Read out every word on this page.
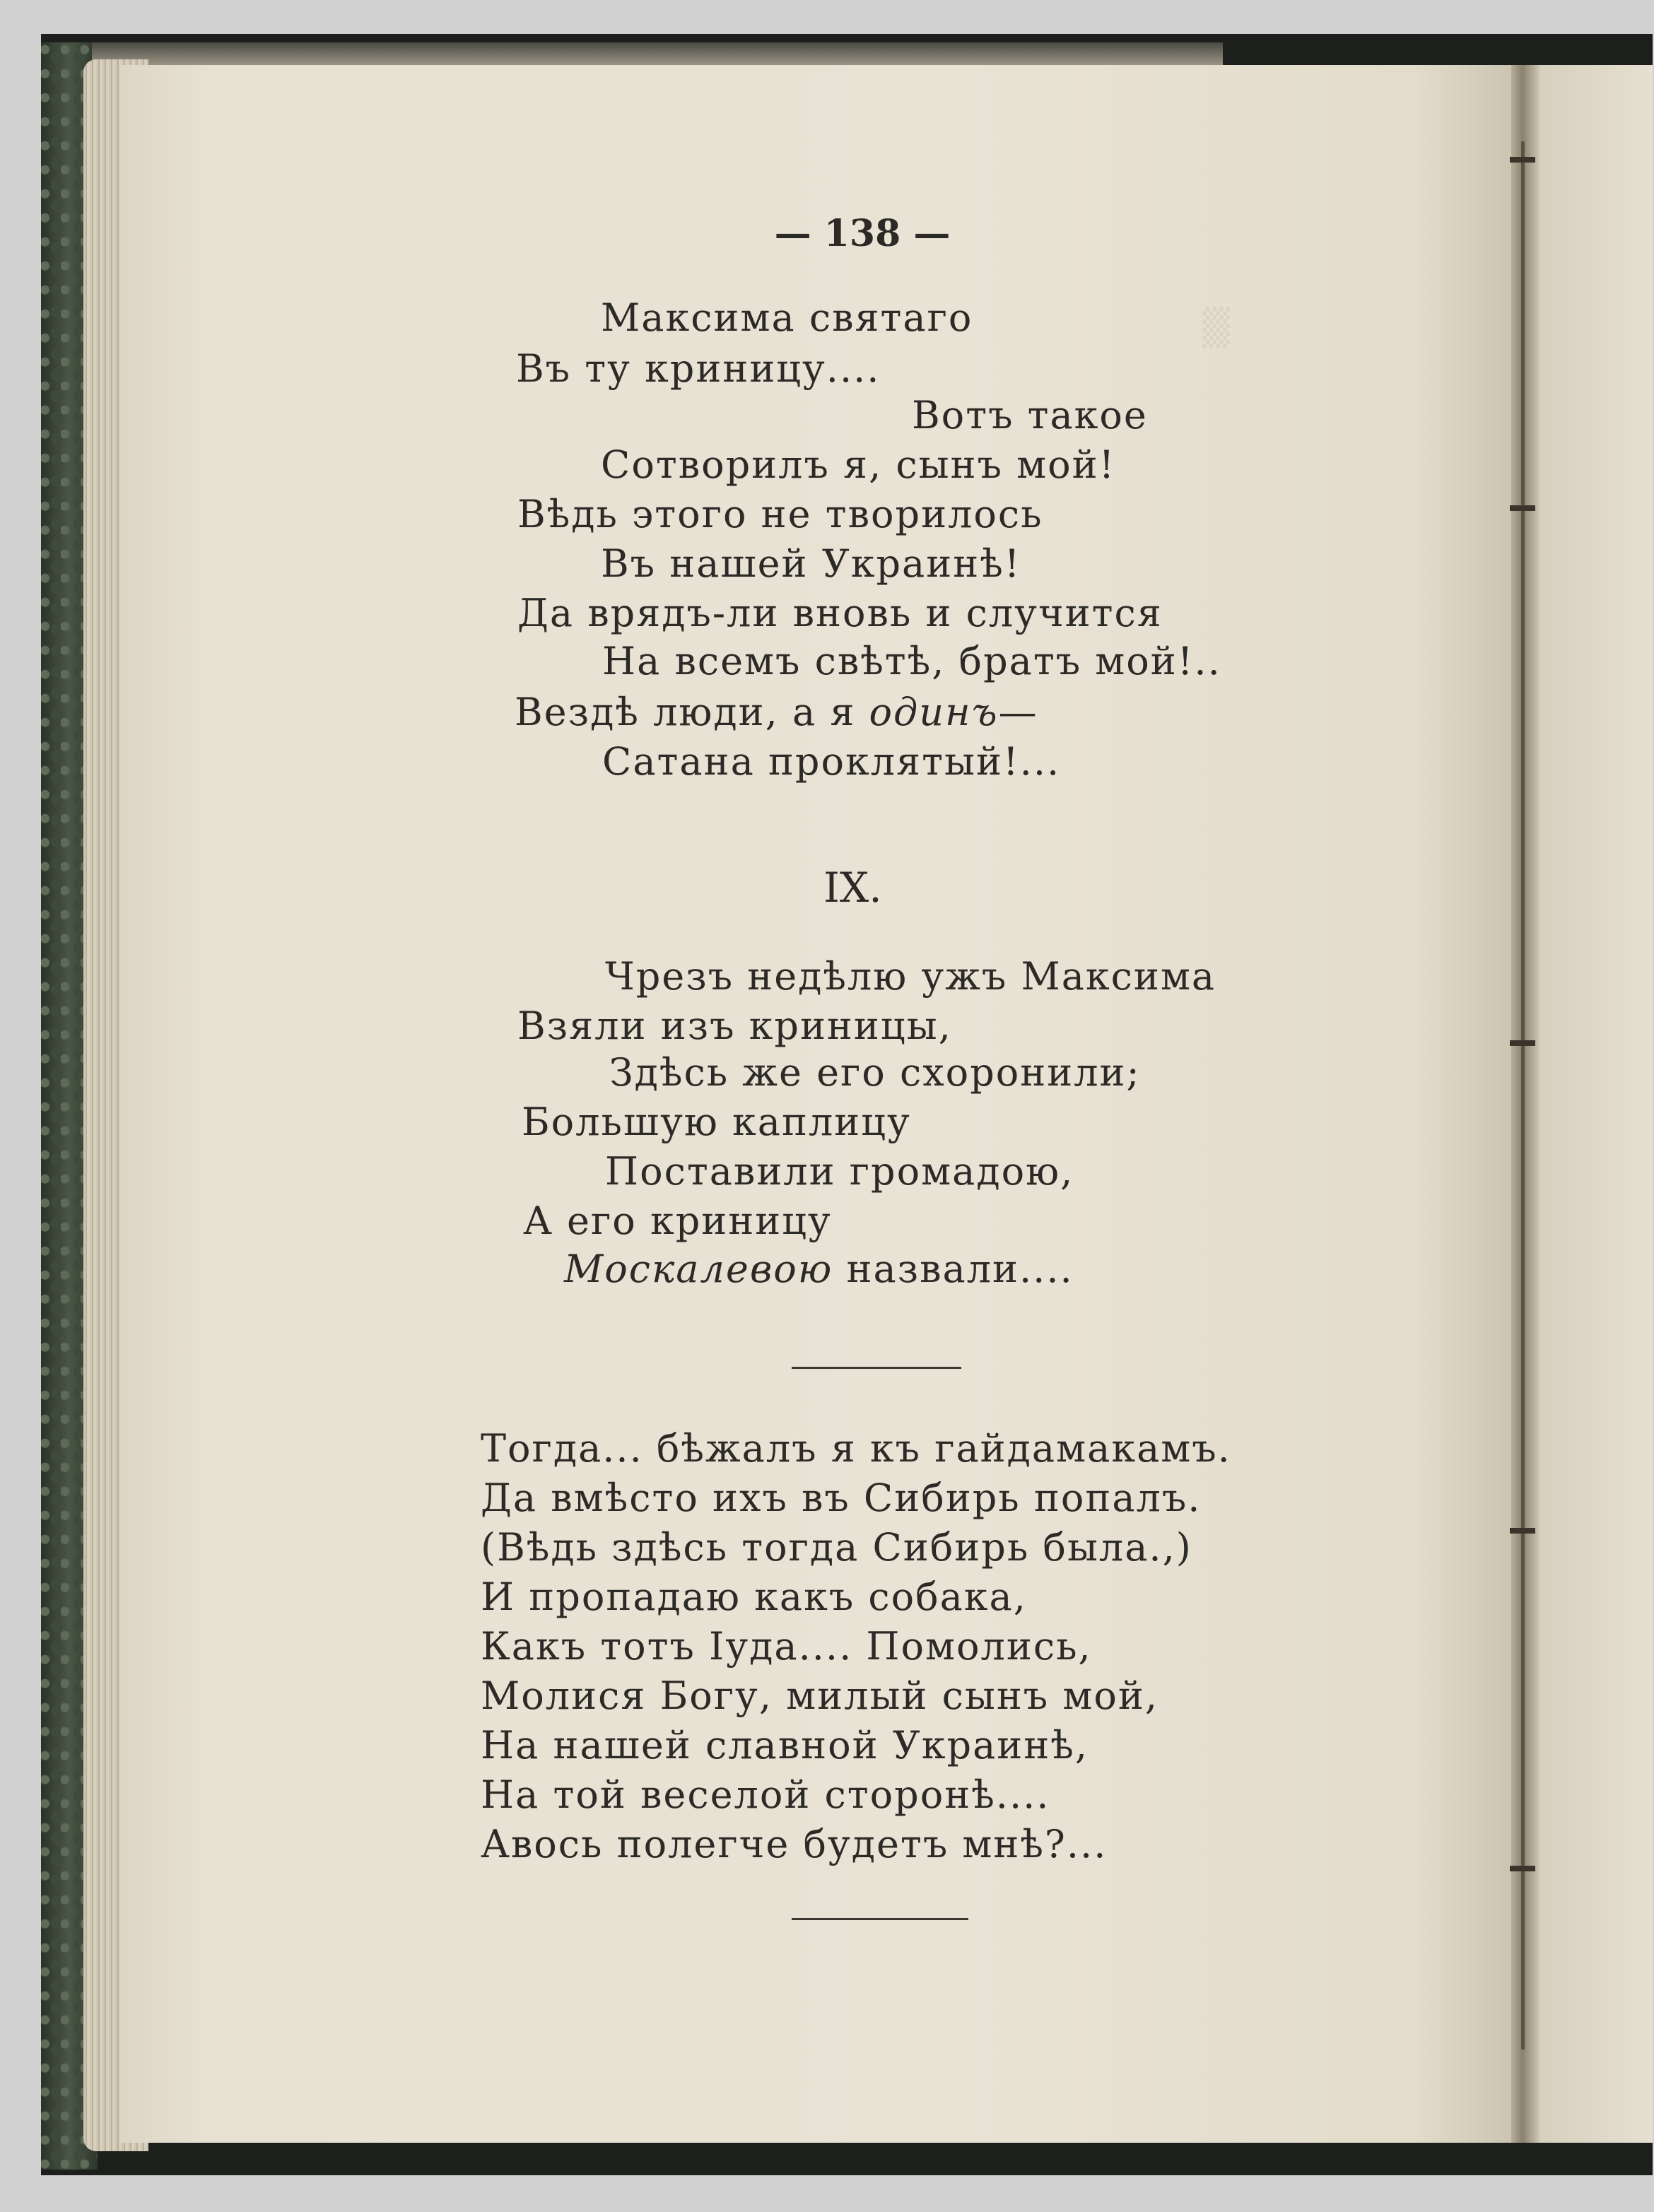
▒
— 138 —
Максима святаго
Въ ту криницу....
Вотъ такое
Сотворилъ я, сынъ мой!
Вѣдь этого не творилось
Въ нашей Украинѣ!
Да врядъ-ли вновь и случится
На всемъ свѣтѣ, братъ мой!..
Вездѣ люди, а я одинъ—
Сатана проклятый!...
IX.
Чрезъ недѣлю ужъ Максима
Взяли изъ криницы,
Здѣсь же его схоронили;
Большую каплицу
Поставили громадою,
А его криницу
Москалевою назвали....
Тогда... бѣжалъ я къ гайдамакамъ.
Да вмѣсто ихъ въ Сибирь попалъ.
(Вѣдь здѣсь тогда Сибирь была.,)
И пропадаю какъ собака,
Какъ тотъ Іуда.... Помолись,
Молися Богу, милый сынъ мой,
На нашей славной Украинѣ,
На той веселой сторонѣ....
Авось полегче будетъ мнѣ?...
